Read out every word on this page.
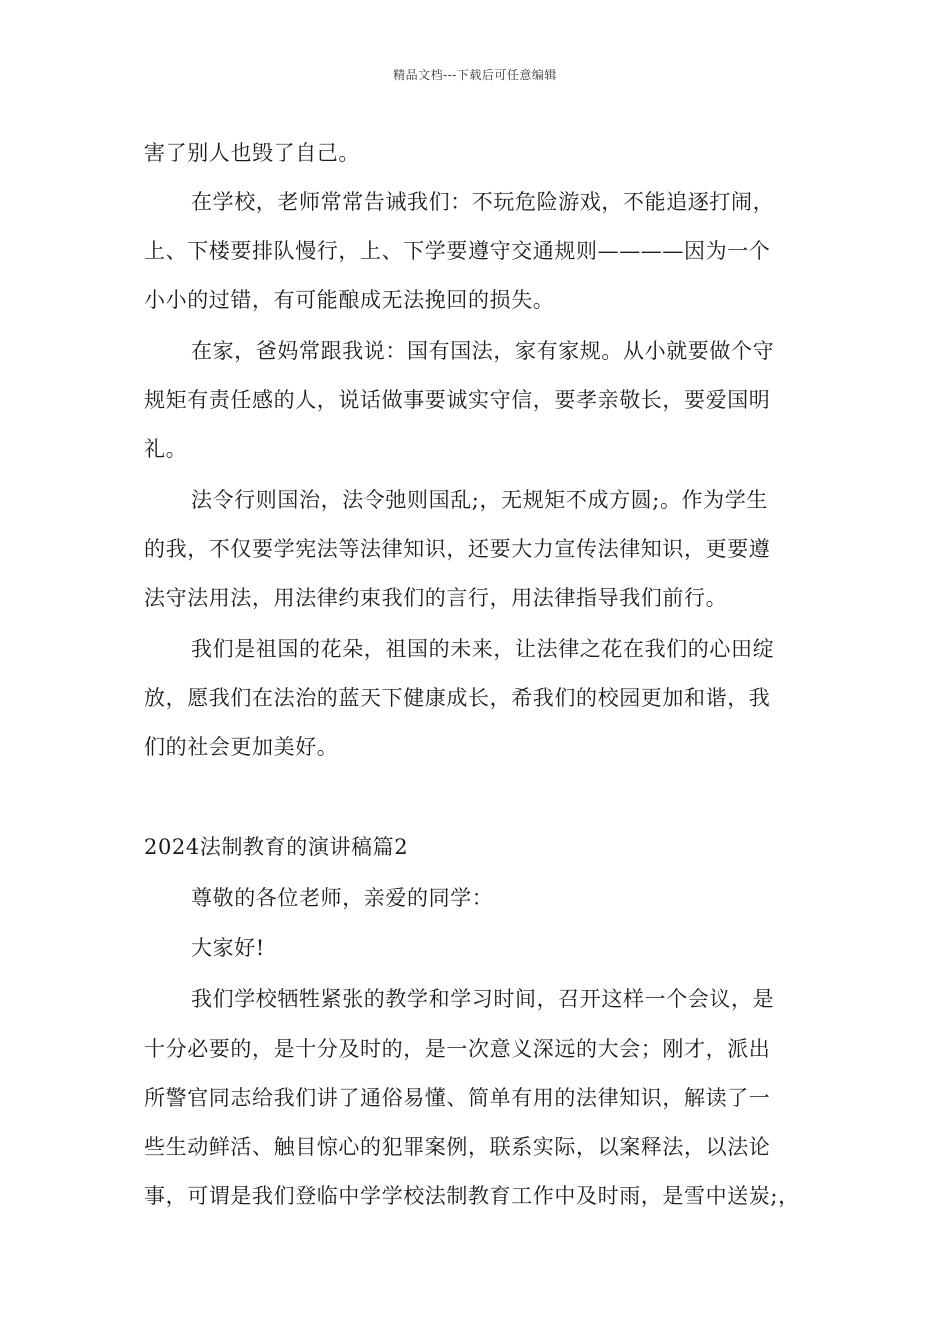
精品文档---下载后可任意编辑
害了别人也毁了自己。
在学校，老师常常告诫我们：不玩危险游戏，不能追逐打闹，
上、下楼要排队慢行，上、下学要遵守交通规则————因为一个
小小的过错，有可能酿成无法挽回的损失。
在家，爸妈常跟我说：国有国法，家有家规。从小就要做个守
规矩有责任感的人，说话做事要诚实守信，要孝亲敬长，要爱国明
礼。
法令行则国治，法令弛则国乱;，无规矩不成方圆;。作为学生
的我，不仅要学宪法等法律知识，还要大力宣传法律知识，更要遵
法守法用法，用法律约束我们的言行，用法律指导我们前行。
我们是祖国的花朵，祖国的未来，让法律之花在我们的心田绽
放，愿我们在法治的蓝天下健康成长，希我们的校园更加和谐，我
们的社会更加美好。
2024法制教育的演讲稿篇2
尊敬的各位老师，亲爱的同学：
大家好!
我们学校牺牲紧张的教学和学习时间，召开这样一个会议，是
十分必要的，是十分及时的，是一次意义深远的大会；刚才，派出
所警官同志给我们讲了通俗易懂、简单有用的法律知识，解读了一
些生动鲜活、触目惊心的犯罪案例，联系实际，以案释法，以法论
事，可谓是我们登临中学学校法制教育工作中及时雨，是雪中送炭;，
